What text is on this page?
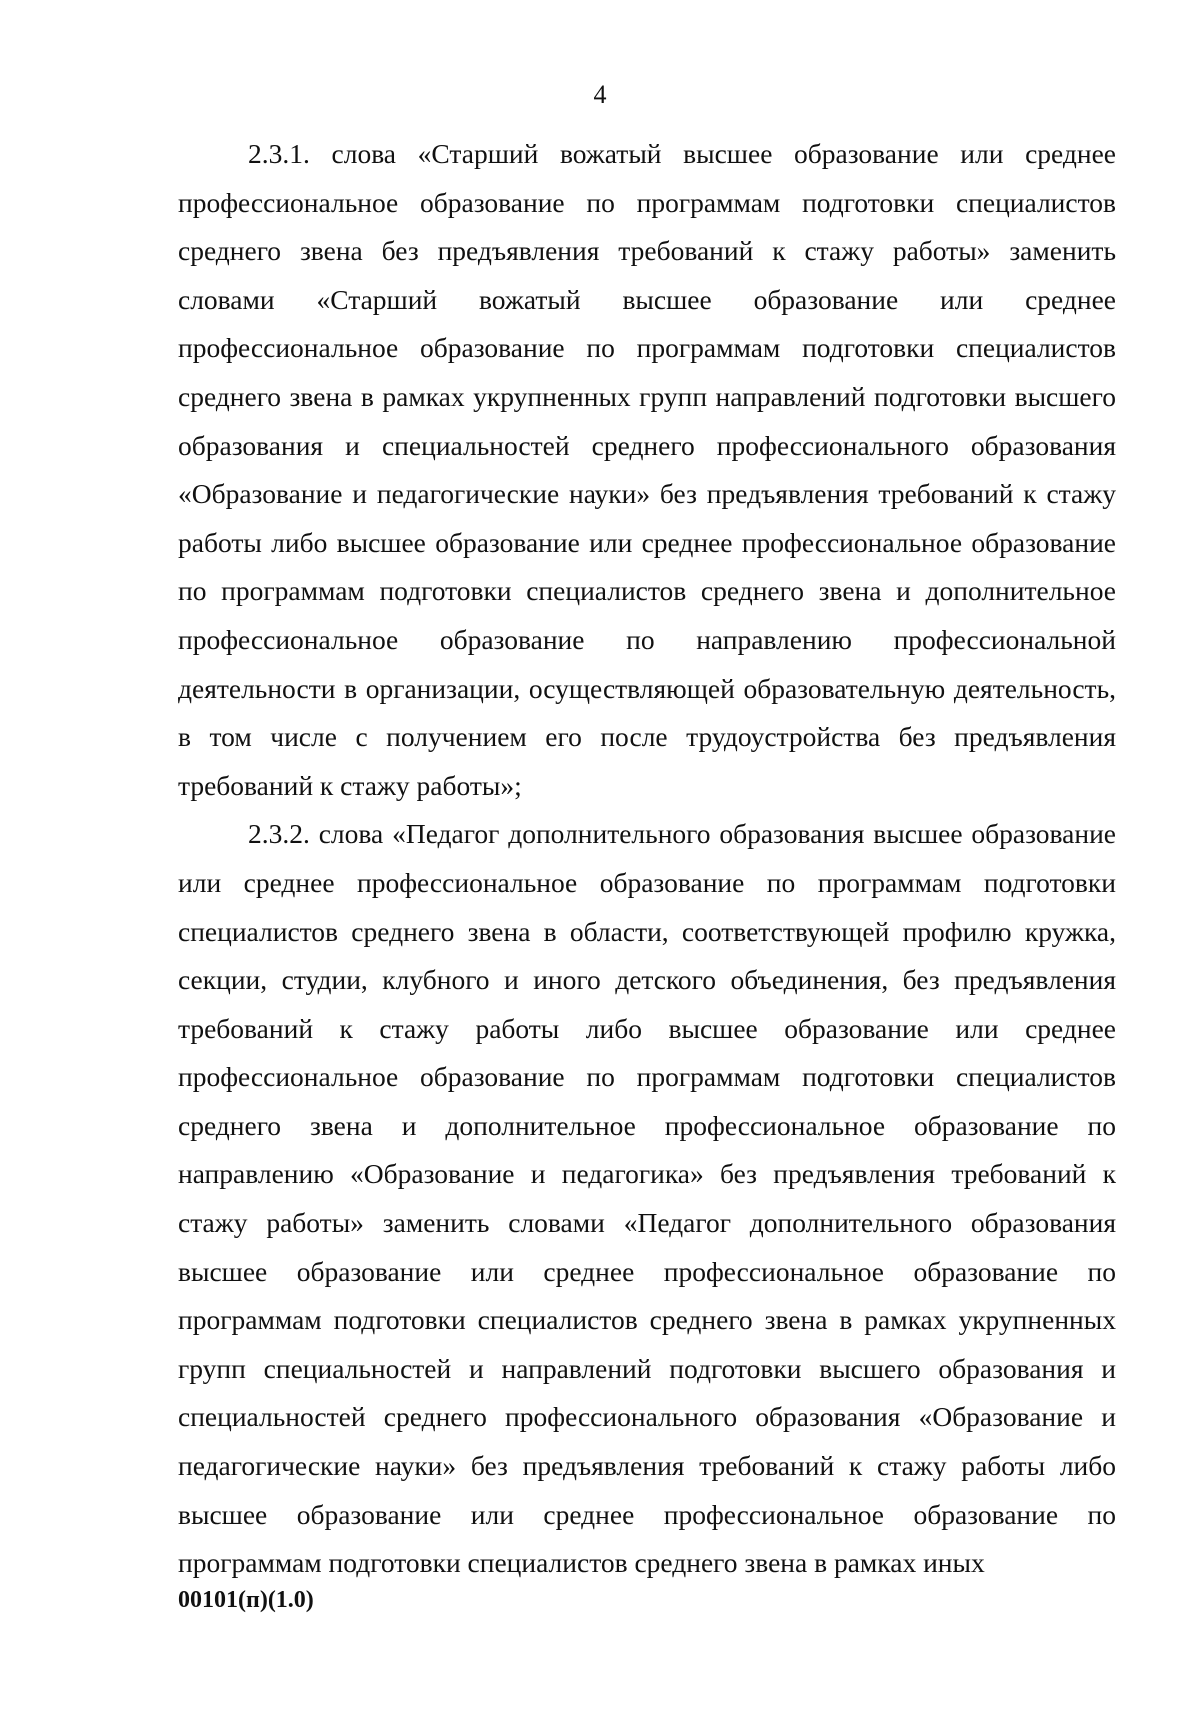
4

2.3.1. слова «Старший вожатый высшее образование или среднее профессиональное образование по программам подготовки специалистов среднего звена без предъявления требований к стажу работы» заменить словами «Старший вожатый высшее образование или среднее профессиональное образование по программам подготовки специалистов среднего звена в рамках укрупненных групп направлений подготовки высшего образования и специальностей среднего профессионального образования «Образование и педагогические науки» без предъявления требований к стажу работы либо высшее образование или среднее профессиональное образование по программам подготовки специалистов среднего звена и дополнительное профессиональное образование по направлению профессиональной деятельности в организации, осуществляющей образовательную деятельность, в том числе с получением его после трудоустройства без предъявления требований к стажу работы»;

2.3.2. слова «Педагог дополнительного образования высшее образование или среднее профессиональное образование по программам подготовки специалистов среднего звена в области, соответствующей профилю кружка, секции, студии, клубного и иного детского объединения, без предъявления требований к стажу работы либо высшее образование или среднее профессиональное образование по программам подготовки специалистов среднего звена и дополнительное профессиональное образование по направлению «Образование и педагогика» без предъявления требований к стажу работы» заменить словами «Педагог дополнительного образования высшее образование или среднее профессиональное образование по программам подготовки специалистов среднего звена в рамках укрупненных групп специальностей и направлений подготовки высшего образования и специальностей среднего профессионального образования «Образование и педагогические науки» без предъявления требований к стажу работы либо высшее образование или среднее профессиональное образование по программам подготовки специалистов среднего звена в рамках иных

00101(п)(1.0)
